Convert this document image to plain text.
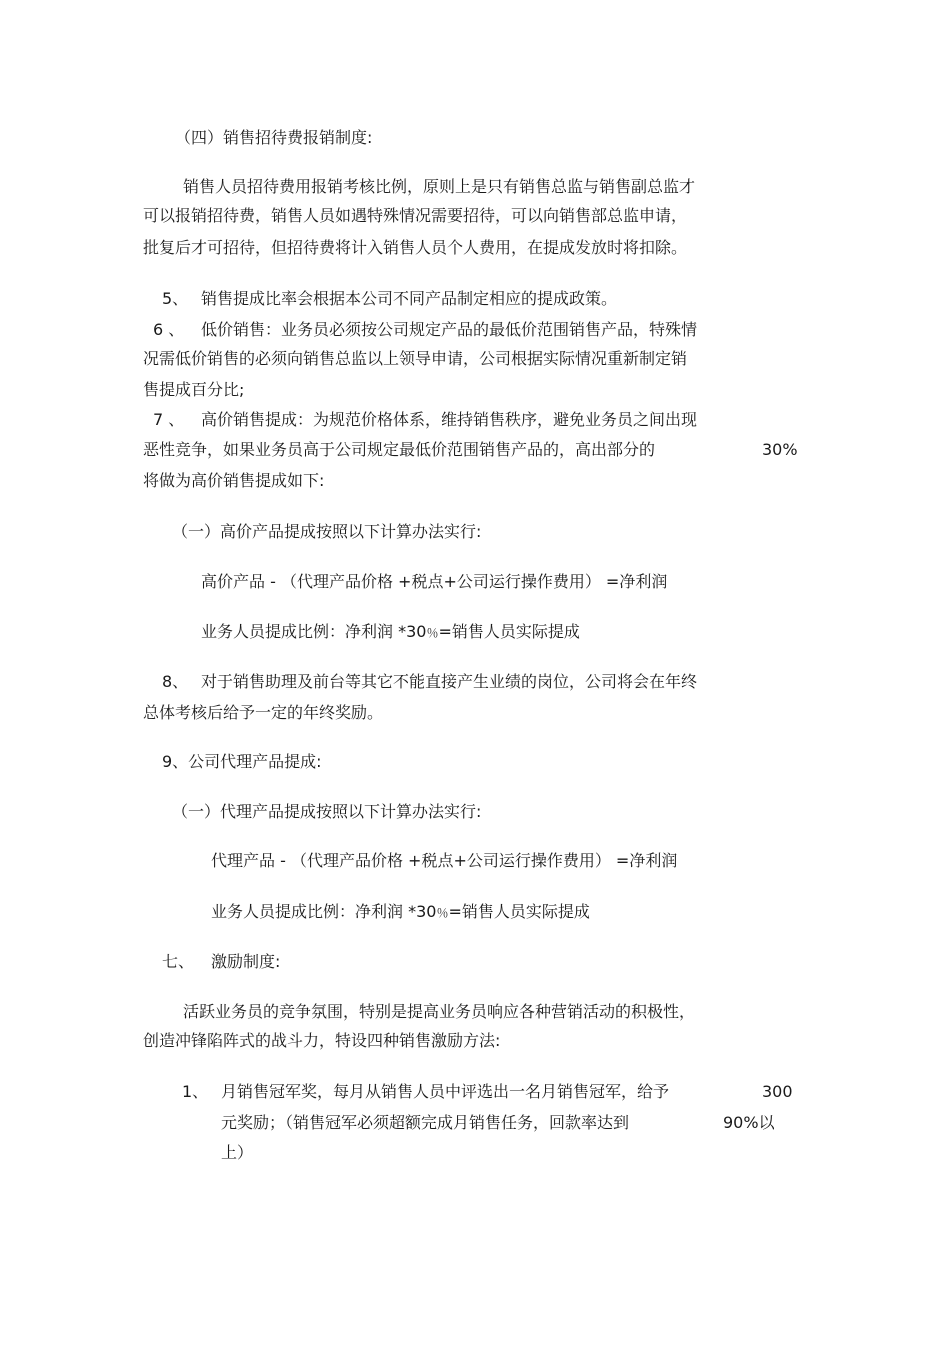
（四）销售招待费报销制度:
销售人员招待费用报销考核比例，原则上是只有销售总监与销售副总监才
可以报销招待费，销售人员如遇特殊情况需要招待，可以向销售部总监申请，
批复后才可招待，但招待费将计入销售人员个人费用，在提成发放时将扣除。
5、 销售提成比率会根据本公司不同产品制定相应的提成政策。
6 、 低价销售：业务员必须按公司规定产品的最低价范围销售产品，特殊情
况需低价销售的必须向销售总监以上领导申请，公司根据实际情况重新制定销
售提成百分比;
7 、 高价销售提成：为规范价格体系，维持销售秩序，避免业务员之间出现
恶性竞争，如果业务员高于公司规定最低价范围销售产品的，高出部分的	30%
将做为高价销售提成如下:
（一）高价产品提成按照以下计算办法实行:
高价产品 - （代理产品价格 +税点+公司运行操作费用） =净利润
业务人员提成比例：净利润 *30％=销售人员实际提成
8、 对于销售助理及前台等其它不能直接产生业绩的岗位，公司将会在年终
总体考核后给予一定的年终奖励。
9、公司代理产品提成:
（一）代理产品提成按照以下计算办法实行:
代理产品 - （代理产品价格 +税点+公司运行操作费用） =净利润
业务人员提成比例：净利润 *30％=销售人员实际提成
七、 激励制度:
活跃业务员的竞争氛围，特别是提高业务员响应各种营销活动的积极性，
创造冲锋陷阵式的战斗力，特设四种销售激励方法:
1、 月销售冠军奖，每月从销售人员中评选出一名月销售冠军，给予	300
元奖励；（销售冠军必须超额完成月销售任务，回款率达到	90%以
上）
